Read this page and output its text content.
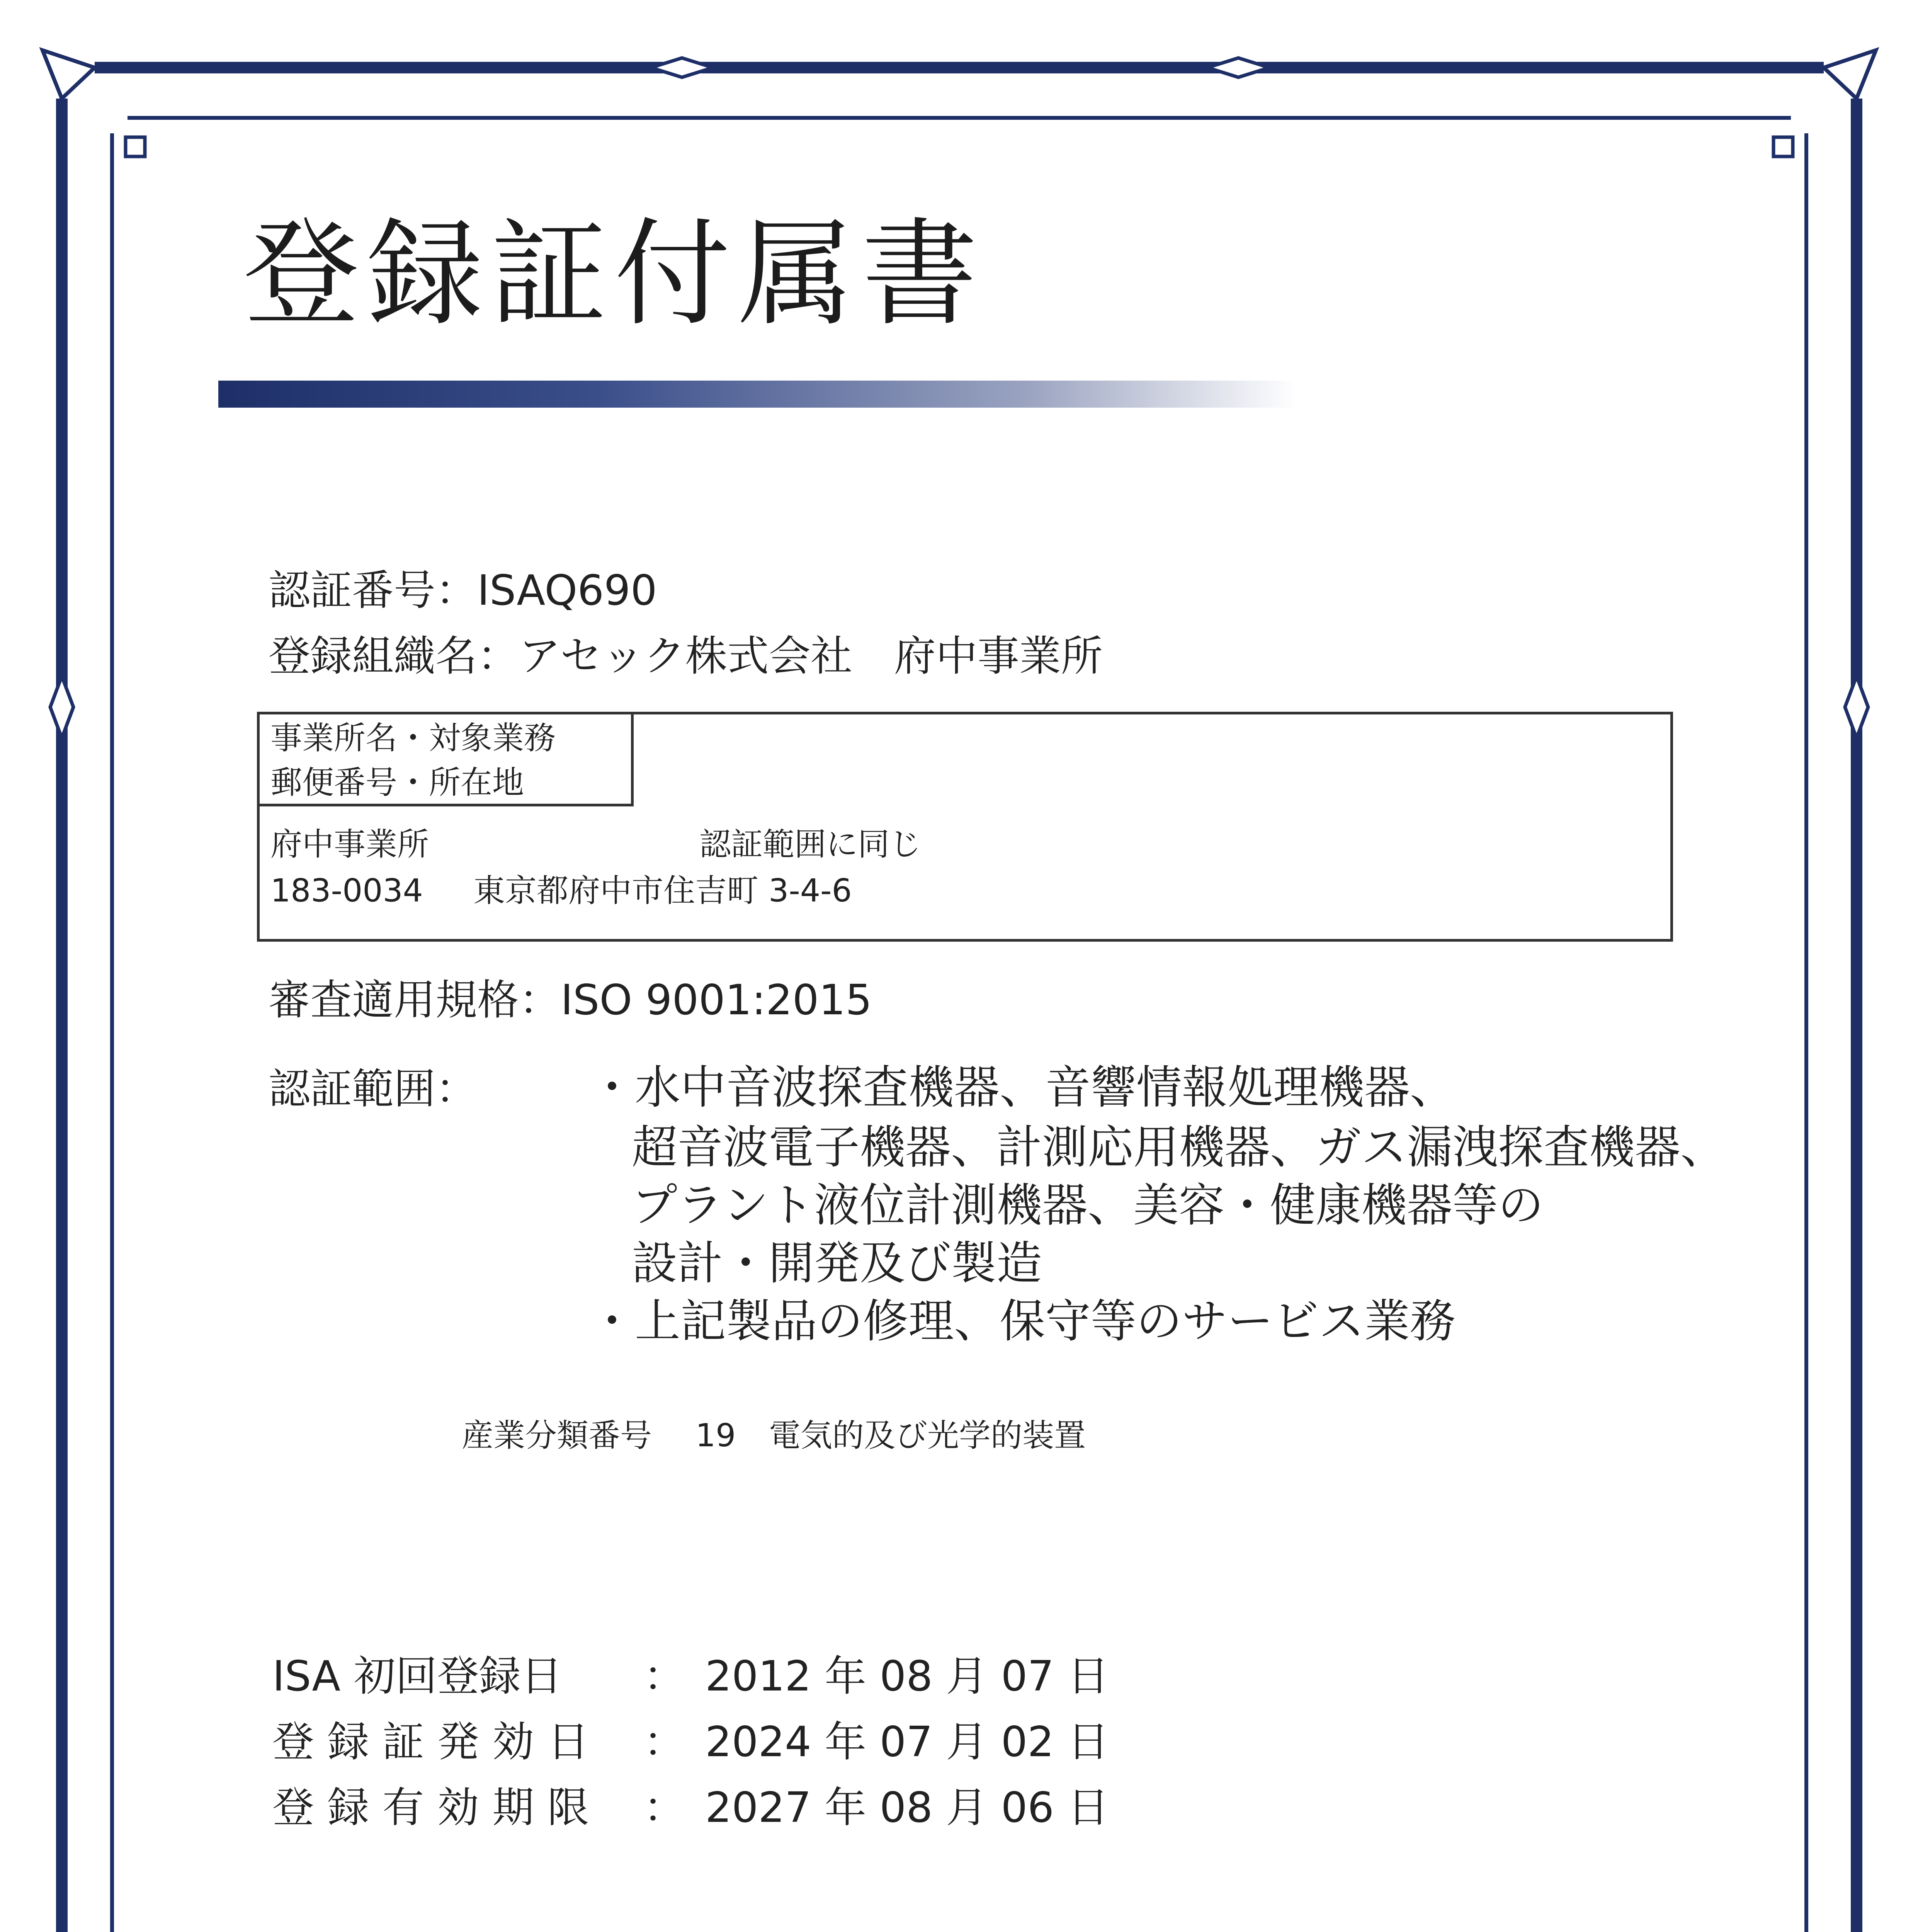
登録証付属書
認証番号：ISAQ690
登録組織名：アセック株式会社　府中事業所
事業所名・対象業務
郵便番号・所在地
府中事業所	認証範囲に同じ
183-0034 東京都府中市住吉町 3-4-6
審査適用規格：ISO 9001:2015
認証範囲： ・水中音波探査機器、音響情報処理機器、
超音波電子機器、計測応用機器、ガス漏洩探査機器、
プラント液位計測機器、美容・健康機器等の
設計・開発及び製造
・上記製品の修理、保守等のサービス業務
産業分類番号 19 電気的及び光学的装置
ISA 初回登録日 ： 2012 年 08 月 07 日
登 録 証 発 効 日 ： 2024 年 07 月 02 日
登 録 有 効 期 限 ： 2027 年 08 月 06 日
